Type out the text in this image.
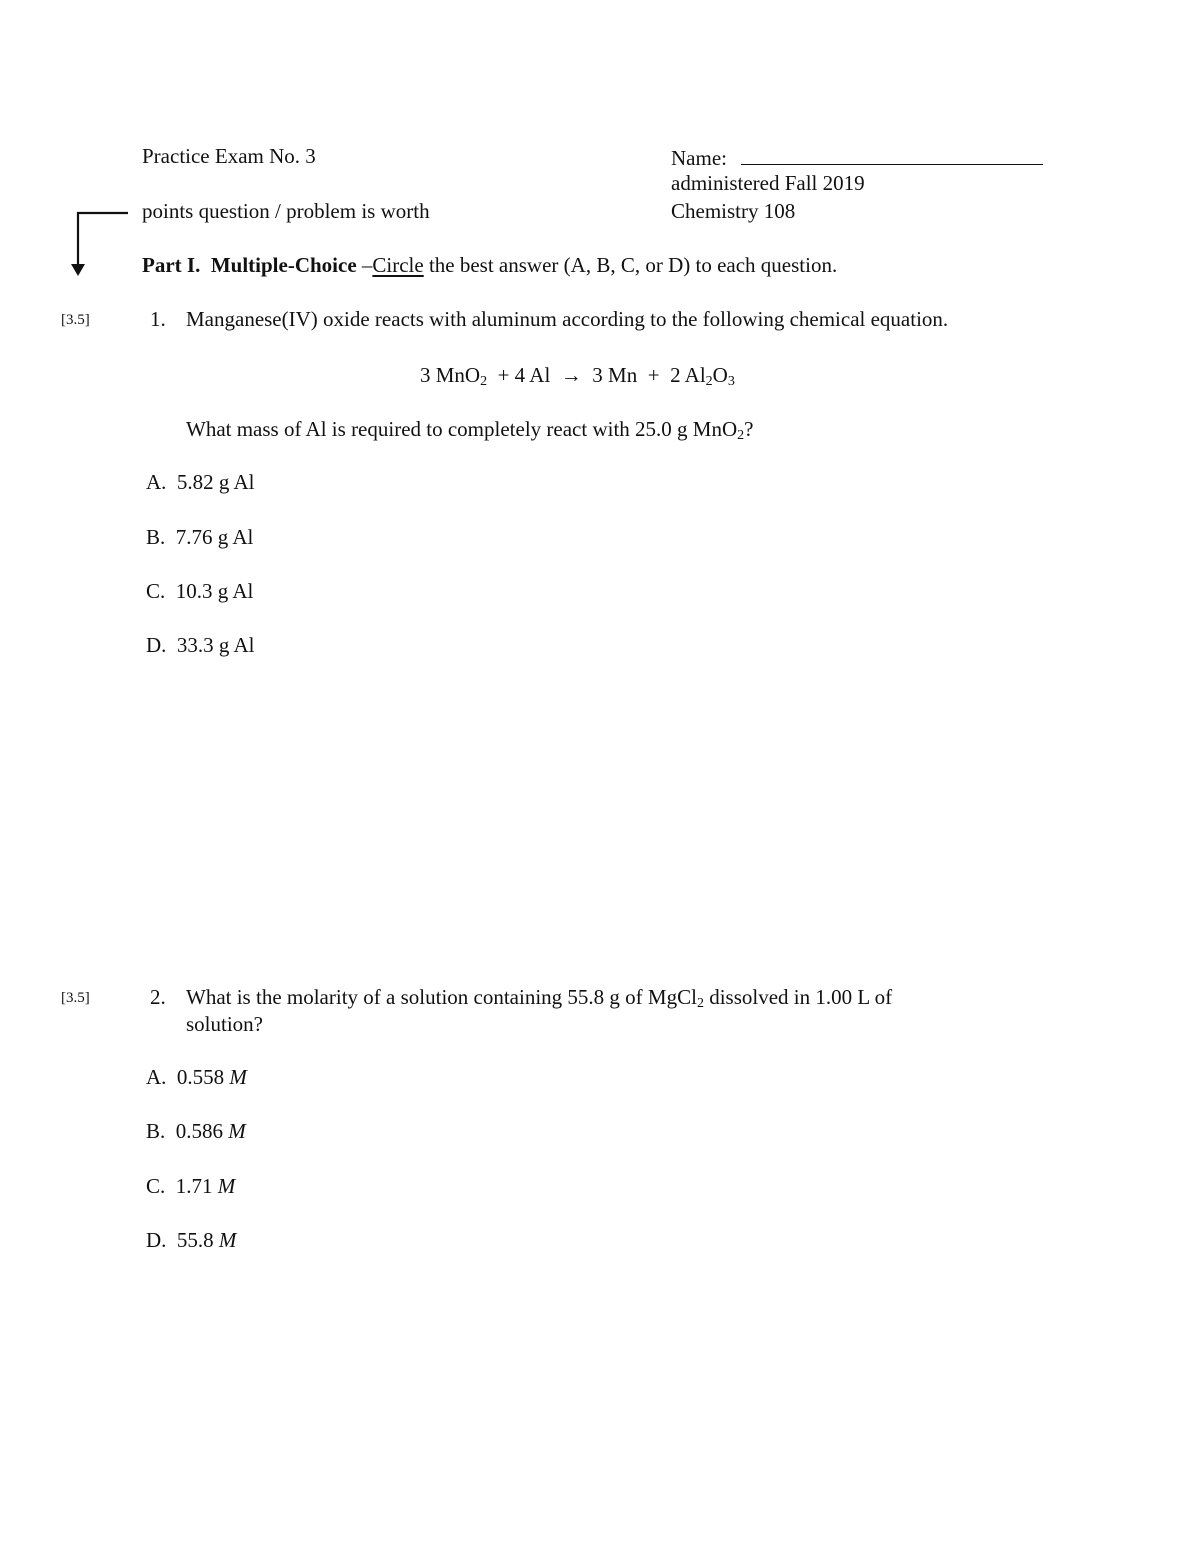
Practice Exam No. 3	Name:
administered Fall 2019
Chemistry 108
points question / problem is worth
Part I. Multiple-Choice –Circle the best answer (A, B, C, or D) to each question.
[3.5]	1. Manganese(IV) oxide reacts with aluminum according to the following chemical equation.
3 MnO$_2$ + 4 Al → 3 Mn + 2 $Al_2O_3$
What mass of Al is required to completely react with 25.0 g MnO$_2$?
A. 5.82 g Al
B. 7.76 g Al
C. 10.3 g Al
D. 33.3 g Al
[3.5]	2. What is the molarity of a solution containing 55.8 g of MgCl$_2$ dissolved in 1.00 L of
solution?
A. 0.558 M
B. 0.586 M
C. 1.71 M
D. 55.8 M
